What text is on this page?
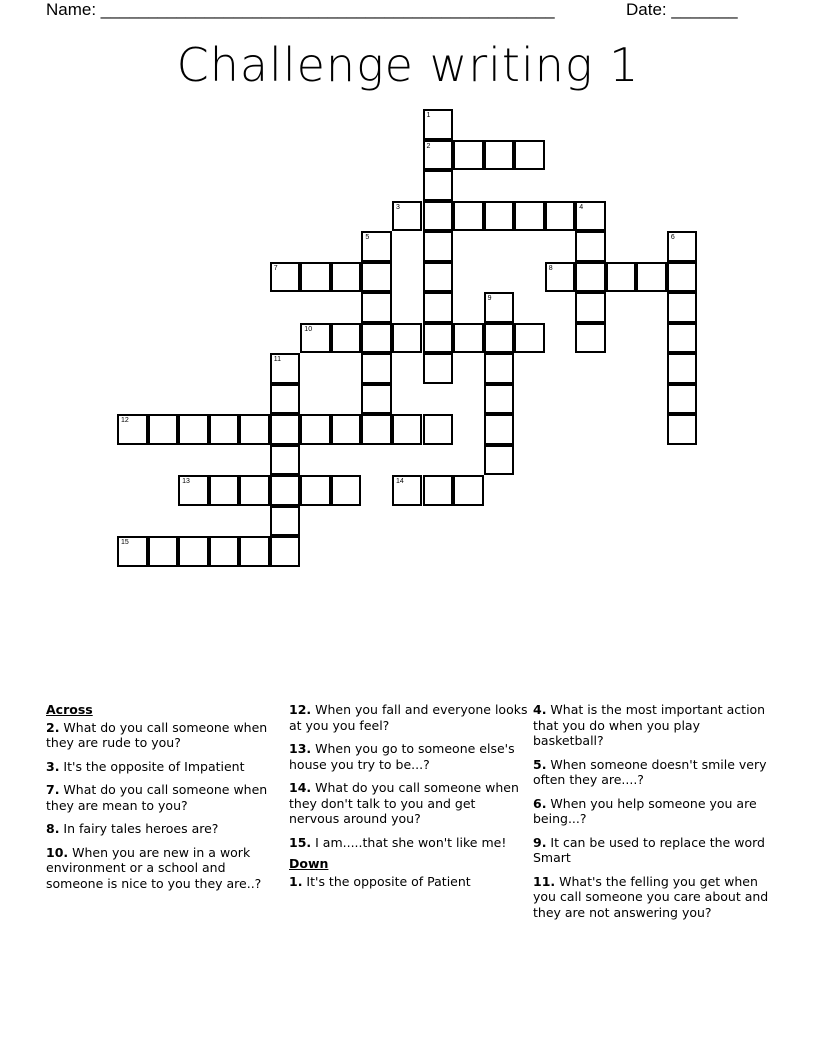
Name: ________________________________________________	Date: _______
Challenge writing 1
1
2
3	4
5	6
7	8
9
10
11
12
13	14
15
Across
2. What do you call someone when they are rude to you?
3. It's the opposite of Impatient
7. What do you call someone when they are mean to you?
8. In fairy tales heroes are?
10. When you are new in a work environment or a school and someone is nice to you they are..?
12. When you fall and everyone looks at you you feel?
13. When you go to someone else's house you try to be...?
14. What do you call someone when they don't talk to you and get nervous around you?
15. I am.....that she won't like me!
Down
1. It's the opposite of Patient
4. What is the most important action that you do when you play basketball?
5. When someone doesn't smile very often they are....?
6. When you help someone you are being...?
9. It can be used to replace the word Smart
11. What's the felling you get when you call someone you care about and they are not answering you?
